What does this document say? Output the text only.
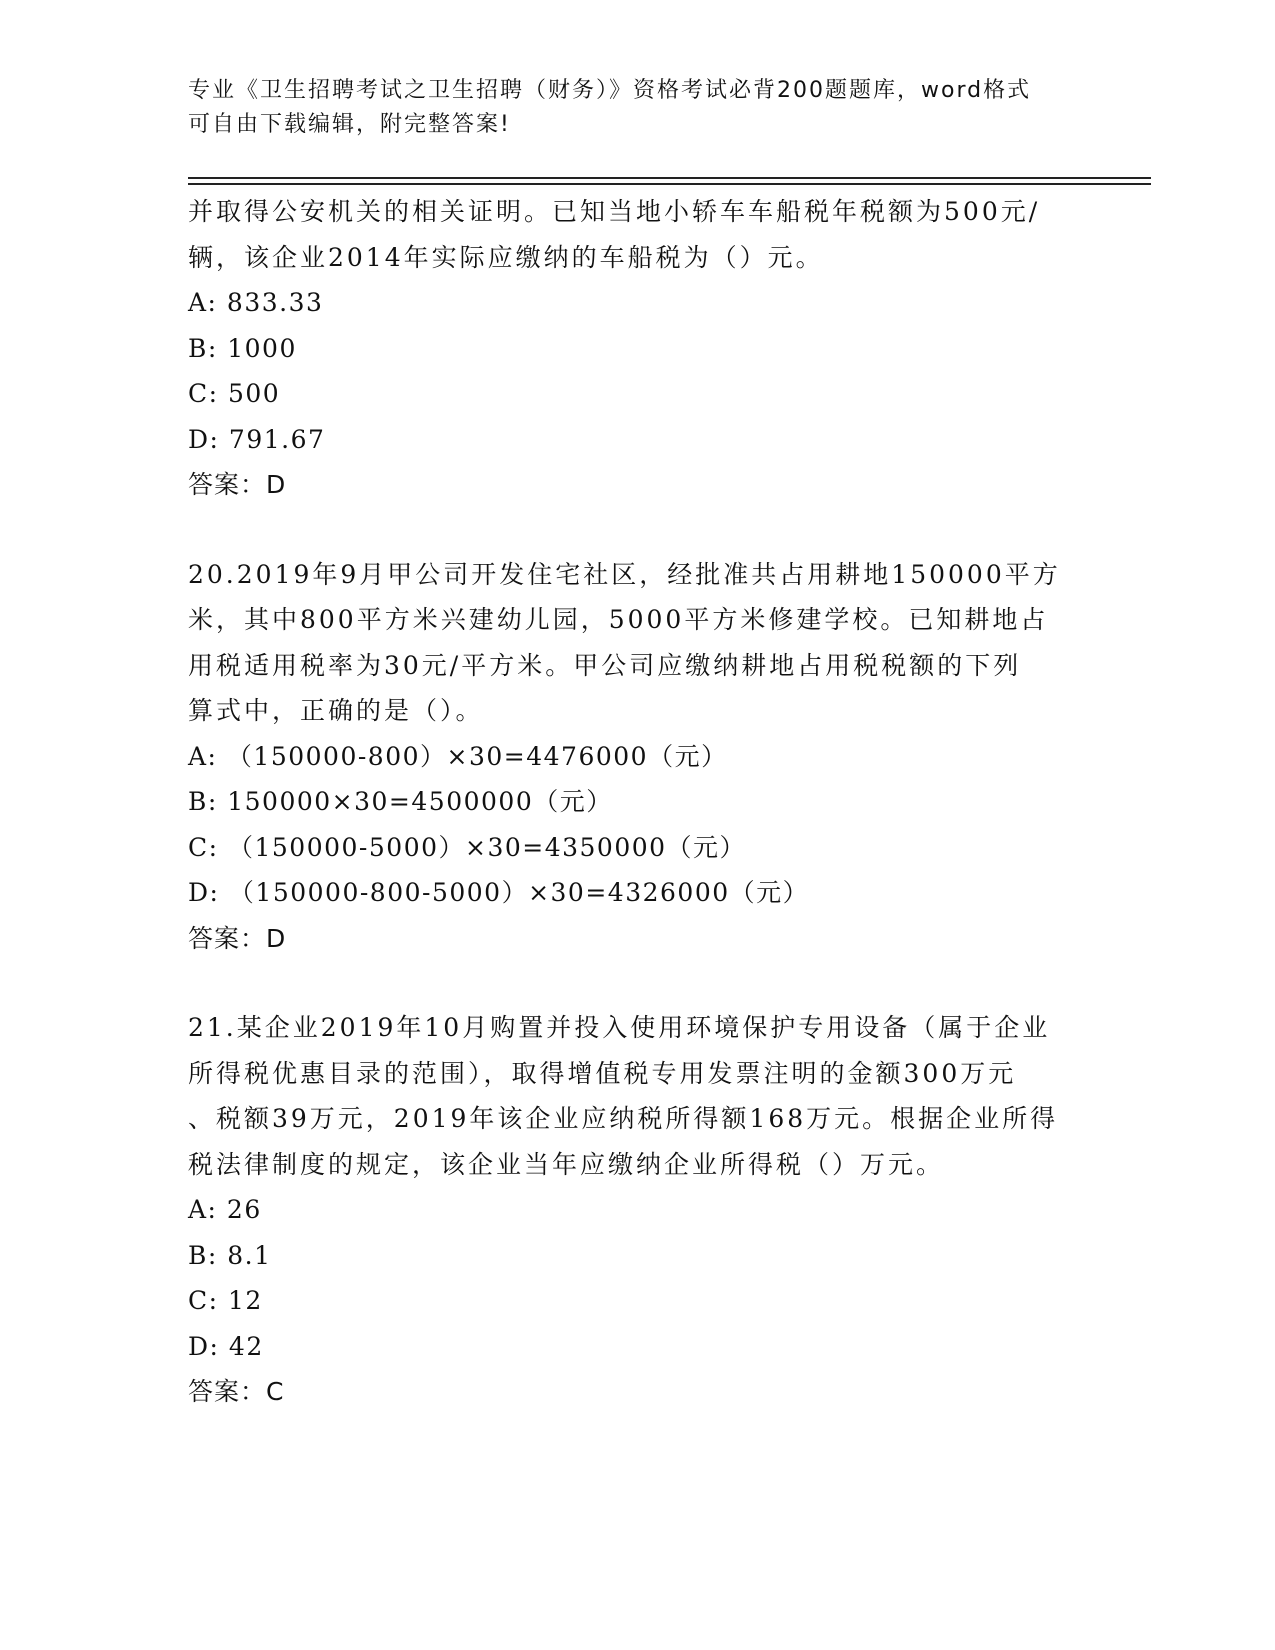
专业《卫生招聘考试之卫生招聘（财务）》资格考试必背200题题库，word格式
可自由下载编辑，附完整答案!

并取得公安机关的相关证明。已知当地小轿车车船税年税额为500元/

辆，该企业2014年实际应缴纳的车船税为（）元。

A: 833.33

B: 1000

C: 500

D: 791.67

答案：D

20.2019年9月甲公司开发住宅社区，经批准共占用耕地150000平方

米，其中800平方米兴建幼儿园，5000平方米修建学校。已知耕地占

用税适用税率为30元/平方米。甲公司应缴纳耕地占用税税额的下列

算式中，正确的是（）。

A: （150000-800）×30=4476000（元）

B: 150000×30=4500000（元）

C: （150000-5000）×30=4350000（元）

D: （150000-800-5000）×30=4326000（元）

答案：D

21.某企业2019年10月购置并投入使用环境保护专用设备（属于企业

所得税优惠目录的范围），取得增值税专用发票注明的金额300万元

、税额39万元，2019年该企业应纳税所得额168万元。根据企业所得

税法律制度的规定，该企业当年应缴纳企业所得税（）万元。

A: 26

B: 8.1

C: 12

D: 42

答案：C
